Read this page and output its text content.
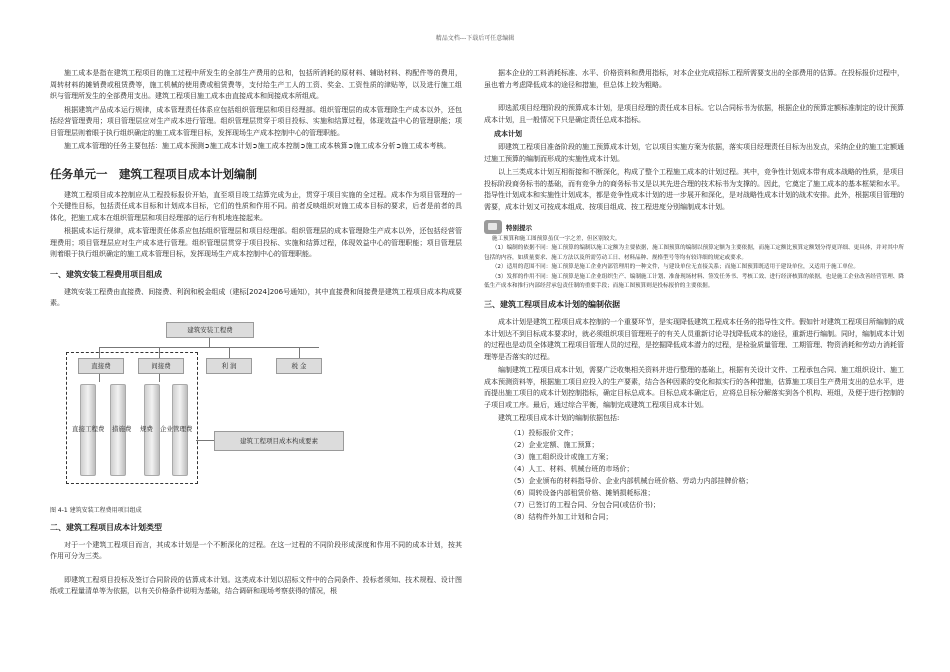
精品文档---下载后可任意编辑

施工成本是指在建筑工程项目的施工过程中所发生的全部生产费用的总和，包括所消耗的原材料、辅助材料、构配件等的费用，周转材料的摊销费或租赁费等，施工机械的使用费或租赁费等，支付给生产工人的工资、奖金、工资性质的津贴等，以及进行施工组织与管理所发生的全部费用支出。建筑工程项目施工成本由直接成本和间接成本所组成。

根据建筑产品成本运行规律，成本管理责任体系应包括组织管理层和项目经理部。组织管理层的成本管理除生产成本以外，还包括经营管理费用；项目管理层应对生产成本进行管理。组织管理层贯穿于项目投标、实施和结算过程，体现效益中心的管理职能；项目管理层则着眼于执行组织确定的施工成本管理目标，发挥现场生产成本控制中心的管理职能。

施工成本管理的任务主要包括：施工成本预测➲施工成本计划➲施工成本控制➲施工成本核算➲施工成本分析➲施工成本考核。

任务单元一　建筑工程项目成本计划编制

建筑工程项目成本控制应从工程投标报价开始，直至项目竣工结算完成为止，贯穿于项目实施的全过程。成本作为项目管理的一个关键性目标，包括责任成本目标和计划成本目标，它们的性质和作用不同。前者反映组织对施工成本目标的要求，后者是前者的具体化，把施工成本在组织管理层和项目经理部的运行有机地连接起来。

根据成本运行规律，成本管理责任体系应包括组织管理层和项目经理部。组织管理层的成本管理除生产成本以外，还包括经营管理费用；项目管理层应对生产成本进行管理。组织管理层贯穿于项目投标、实施和结算过程，体现效益中心的管理职能；项目管理层则着眼于执行组织确定的施工成本管理目标，发挥现场生产成本控制中心的管理职能。

一、建筑安装工程费用项目组成

建筑安装工程费由直接费、间接费、利润和税金组成（建标[2024]206号通知），其中直接费和间接费是建筑工程项目成本构成要素。

建筑安装工程费
直接费	间接费	利 润	税 金
直接工程费 措施费 规费 企业管理费
建筑工程项目成本构成要素
图 4-1 建筑安装工程费用项目组成
二、建筑工程项目成本计划类型

对于一个建筑工程项目而言，其成本计划是一个不断深化的过程。在这一过程的不同阶段形成深度和作用不同的成本计划，按其作用可分为三类。

即建筑工程项目投标及签订合同阶段的估算成本计划。这类成本计划以招标文件中的合同条件、投标者须知、技术规程、设计图纸或工程量清单等为依据，以有关价格条件说明为基础，结合调研和现场考察获得的情况，根

据本企业的工料消耗标准、水平、价格资料和费用指标，对本企业完成招标工程所需要支出的全部费用的估算。在投标报价过程中，虽也着力考虑降低成本的途径和措施，但总体上较为粗略。

即选派项目经理阶段的预算成本计划，是项目经理的责任成本目标。它以合同标书为依据，根据企业的预算定额标准制定的设计预算成本计划，且一般情况下只是确定责任总成本指标。

成本计划

即建筑工程项目准备阶段的施工预算成本计划，它以项目实施方案为依据，落实项目经理责任目标为出发点，采纳企业的施工定额通过施工预算的编制而形成的实施性成本计划。

以上三类成本计划互相衔接和不断深化，构成了整个工程施工成本的计划过程。其中，竞争性计划成本带有成本战略的性质，是项目投标阶段商务标书的基础，而有竞争力的商务标书又是以其先进合理的技术标书为支撑的。因此，它奠定了施工成本的基本框架和水平。指导性计划成本和实施性计划成本，都是竞争性成本计划的进一步展开和深化，是对战略性成本计划的战术安排。此外，根据项目管理的需要，成本计划又可按成本组成、按项目组成、按工程进度分别编制成本计划。

特别提示

施工预算和施工图预算虽仅一字之差，但区别较大。

（1）编制的依据不同：施工预算的编制以施工定额为主要依据，施工图预算的编制以预算定额为主要依据，而施工定额比预算定额划分得更详细、更具体，并对其中所包括的内容，如质量要求、施工方法以及所需劳动工日、材料品种、规格型号等均有较详细的规定或要求。

（2）适用的范围不同：施工预算是施工企业内部管理用的一种文件，与建设单位无直接关系；而施工图预算既适用于建设单位，又适用于施工单位。

（3）发挥的作用不同：施工预算是施工企业组织生产、编制施工计划、准备现场材料、签发任务书、考核工效、进行经济核算的依据，也是施工企业改善经营管理、降低生产成本和推行内部经营承包责任制的重要手段；而施工图预算则是投标报价的主要依据。

三、建筑工程项目成本计划的编制依据

成本计划是建筑工程项目成本控制的一个重要环节，是实现降低建筑工程成本任务的指导性文件。假如针对建筑工程项目所编制的成本计划达不到目标成本要求时，就必须组织项目管理班子的有关人员重新讨论寻找降低成本的途径，重新进行编制。同时，编制成本计划的过程也是动员全体建筑工程项目管理人员的过程，是挖掘降低成本潜力的过程，是检验质量管理、工期管理、物资消耗和劳动力消耗管理等是否落实的过程。

编制建筑工程项目成本计划，需要广泛收集相关资料并进行整理的基础上，根据有关设计文件、工程承包合同、施工组织设计、施工成本预测资料等，根据施工项目应投入的生产要素，结合各种因素的变化和拟实行的各种措施，估算施工项目生产费用支出的总水平，进而提出施工项目的成本计划控制指标，确定目标总成本。目标总成本确定后，应将总目标分解落实到各个机构、班组，及便于进行控制的子项目或工序。最后，通过综合平衡，编制完成建筑工程项目成本计划。

建筑工程项目成本计划的编制依据包括:

（1）投标报价文件；

（2）企业定额、施工预算；

（3）施工组织设计或施工方案；

（4）人工、材料、机械台班的市场价；

（5）企业颁布的材料指导价、企业内部机械台班价格、劳动力内部挂牌价格；

（6）周转设备内部租赁价格、摊销损耗标准；

（7）已签订的工程合同、分包合同(或估价书)；

（8）结构件外加工计划和合同；
